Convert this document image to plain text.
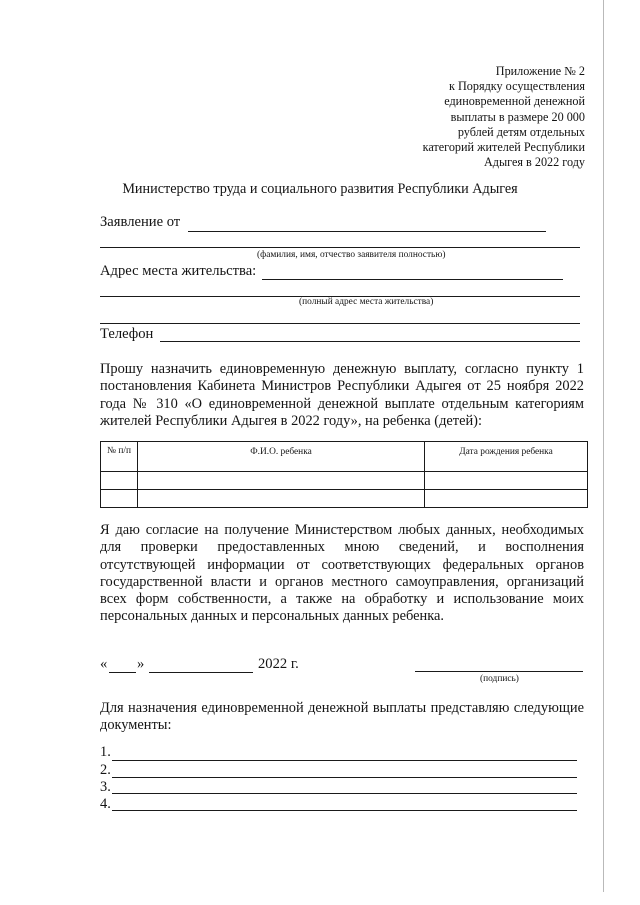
Приложение № 2
к Порядку осуществления
единовременной денежной
выплаты в размере 20 000
рублей детям отдельных
категорий жителей Республики
Адыгея в 2022 году
Министерство труда и социального развития Республики Адыгея
Заявление от
(фамилия, имя, отчество заявителя полностью)
Адрес места жительства:
(полный адрес места жительства)
Телефон
Прошу назначить единовременную денежную выплату, согласно пункту 1 постановления Кабинета Министров Республики Адыгея от 25 ноября 2022 года № 310 «О единовременной денежной выплате отдельным категориям жителей Республики Адыгея в 2022 году», на ребенка (детей):
№ п/п	Ф.И.О. ребенка	Дата рождения ребенка

Я даю согласие на получение Министерством любых данных, необходимых для проверки предоставленных мною сведений, и восполнения отсутствующей информации от соответствующих федеральных органов государственной власти и органов местного самоуправления, организаций всех форм собственности, а также на обработку и использование моих персональных данных и персональных данных ребенка.
« »	2022 г.
(подпись)
Для назначения единовременной денежной выплаты представляю следующие документы:
1.
2.
3.
4.
